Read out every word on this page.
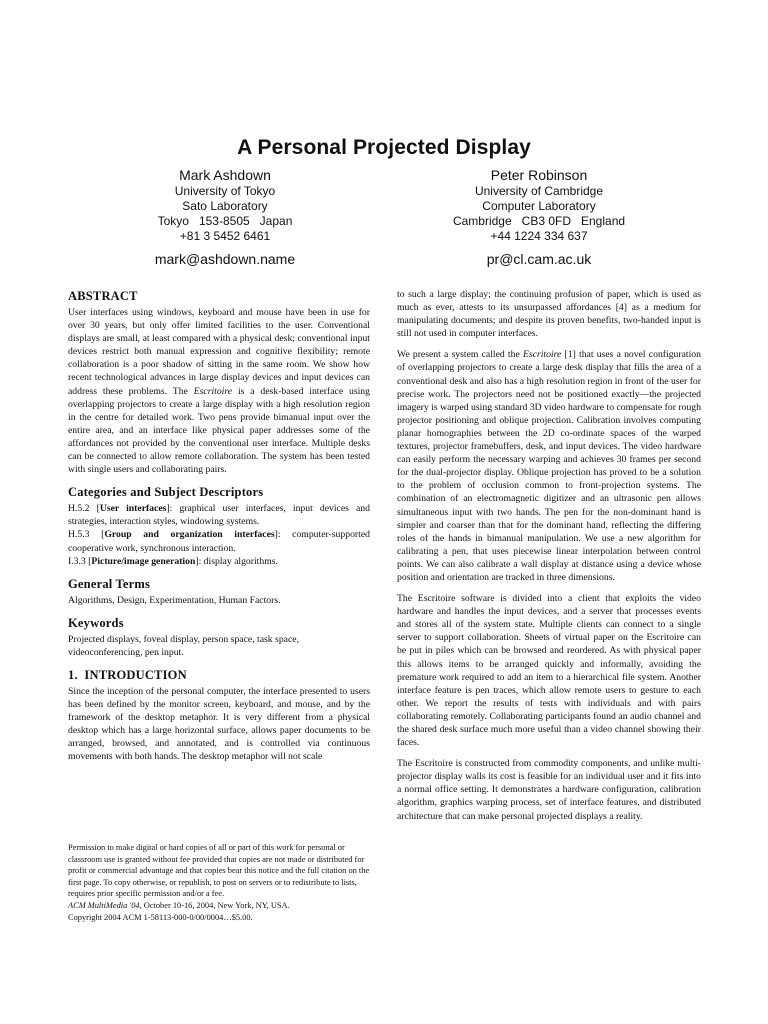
A Personal Projected Display
Mark Ashdown
University of Tokyo
Sato Laboratory
Tokyo   153-8505   Japan
+81 3 5452 6461
mark@ashdown.name
Peter Robinson
University of Cambridge
Computer Laboratory
Cambridge   CB3 0FD   England
+44 1224 334 637
pr@cl.cam.ac.uk
ABSTRACT

User interfaces using windows, keyboard and mouse have been in use for over 30 years, but only offer limited facilities to the user. Conventional displays are small, at least compared with a physical desk; conventional input devices restrict both manual expression and cognitive flexibility; remote collaboration is a poor shadow of sitting in the same room. We show how recent technological advances in large display devices and input devices can address these problems. The Escritoire is a desk-based interface using overlapping projectors to create a large display with a high resolution region in the centre for detailed work. Two pens provide bimanual input over the entire area, and an interface like physical paper addresses some of the affordances not provided by the conventional user interface. Multiple desks can be connected to allow remote collaboration. The system has been tested with single users and collaborating pairs.

Categories and Subject Descriptors
H.5.2 [User interfaces]: graphical user interfaces, input devices and strategies, interaction styles, windowing systems.
H.5.3 [Group and organization interfaces]: computer-supported cooperative work, synchronous interaction.
I.3.3 [Picture/image generation]: display algorithms.
General Terms

Algorithms, Design, Experimentation, Human Factors.

Keywords

Projected displays, foveal display, person space, task space, videoconferencing, pen input.

1.  INTRODUCTION

Since the inception of the personal computer, the interface presented to users has been defined by the monitor screen, keyboard, and mouse, and by the framework of the desktop metaphor. It is very different from a physical desktop which has a large horizontal surface, allows paper documents to be arranged, browsed, and annotated, and is controlled via continuous movements with both hands. The desktop metaphor will not scale

Permission to make digital or hard copies of all or part of this work for personal or classroom use is granted without fee provided that copies are not made or distributed for profit or commercial advantage and that copies bear this notice and the full citation on the first page. To copy otherwise, or republish, to post on servers or to redistribute to lists, requires prior specific permission and/or a fee.

ACM MultiMedia '04, October 10-16, 2004, New York, NY, USA.

Copyright 2004 ACM 1-58113-000-0/00/0004…$5.00.

to such a large display; the continuing profusion of paper, which is used as much as ever, attests to its unsurpassed affordances [4] as a medium for manipulating documents; and despite its proven benefits, two-handed input is still not used in computer interfaces.

We present a system called the Escritoire [1] that uses a novel configuration of overlapping projectors to create a large desk display that fills the area of a conventional desk and also has a high resolution region in front of the user for precise work. The projectors need not be positioned exactly—the projected imagery is warped using standard 3D video hardware to compensate for rough projector positioning and oblique projection. Calibration involves computing planar homographies between the 2D co-ordinate spaces of the warped textures, projector framebuffers, desk, and input devices. The video hardware can easily perform the necessary warping and achieves 30 frames per second for the dual-projector display. Oblique projection has proved to be a solution to the problem of occlusion common to front-projection systems. The combination of an electromagnetic digitizer and an ultrasonic pen allows simultaneous input with two hands. The pen for the non-dominant hand is simpler and coarser than that for the dominant hand, reflecting the differing roles of the hands in bimanual manipulation. We use a new algorithm for calibrating a pen, that uses piecewise linear interpolation between control points. We can also calibrate a wall display at distance using a device whose position and orientation are tracked in three dimensions.

The Escritoire software is divided into a client that exploits the video hardware and handles the input devices, and a server that processes events and stores all of the system state. Multiple clients can connect to a single server to support collaboration. Sheets of virtual paper on the Escritoire can be put in piles which can be browsed and reordered. As with physical paper this allows items to be arranged quickly and informally, avoiding the premature work required to add an item to a hierarchical file system. Another interface feature is pen traces, which allow remote users to gesture to each other. We report the results of tests with individuals and with pairs collaborating remotely. Collaborating participants found an audio channel and the shared desk surface much more useful than a video channel showing their faces.

The Escritoire is constructed from commodity components, and unlike multi-projector display walls its cost is feasible for an individual user and it fits into a normal office setting. It demonstrates a hardware configuration, calibration algorithm, graphics warping process, set of interface features, and distributed architecture that can make personal projected displays a reality.
